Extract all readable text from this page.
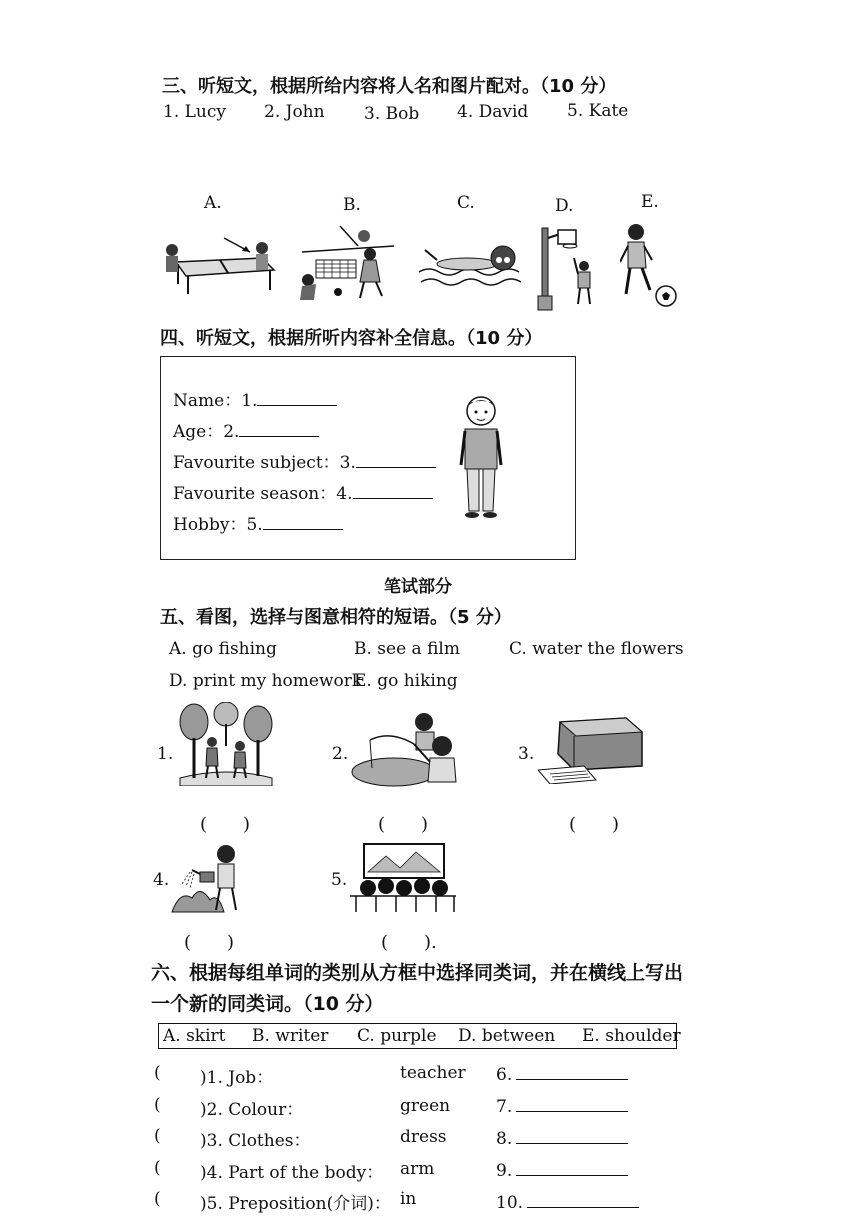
三、听短文，根据所给内容将人名和图片配对。（10 分）
1. Lucy 2. John 3. Bob 4. David 5. Kate
A.	B.	C.	D.	E.
四、听短文，根据所听内容补全信息。（10 分）
Name：1.
Age：2.
Favourite subject：3.
Favourite season：4.
Hobby：5.
笔试部分
五、看图，选择与图意相符的短语。（5 分）
A. go fishing	B. see a film	C. water the flowers
D. print my homework
E. go hiking
1.	2.	3.
4.	5.
(　　)	(　　)	(　　)
(　　)	(　　).
六、根据每组单词的类别从方框中选择同类词，并在横线上写出
一个新的同类词。（10 分）
A. skirt B. writer C. purple D. between E. shoulder
( )1. Job：	teacher 6.
( )2. Colour：	green	7.
( )3. Clothes：	dress	8.
( )4. Part of the body： arm	9.
( )5. Preposition(介词)： in	10.
